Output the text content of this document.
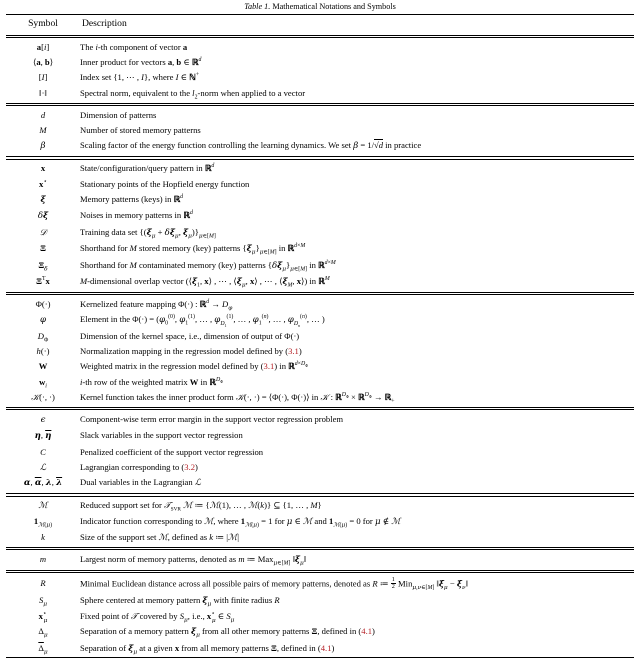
Table 1. Mathematical Notations and Symbols

Symbol	Description

a[i]	The i-th component of vector a
⟨a, b⟩	Inner product for vectors a, b ∈ ℝ$^d$
[I]	Index set {1, ⋯ , I}, where I ∈ ℕ+
‖·‖	Spectral norm, equivalent to the $l_2$-norm when applied to a vector

d	Dimension of patterns
M	Number of stored memory patterns
β	Scaling factor of the energy function controlling the learning dynamics. We set β = 1/√d in practice

x	State/configuration/query pattern in ℝ$^d$
x⋆	Stationary points of the Hopfield energy function
ξ	Memory patterns (keys) in ℝ$^d$
δξ	Noises in memory patterns in ℝ$^d$
𝒟	Training data set {($\xi_\mu + \delta\xi_\mu$, $\xi_\mu)\}_{\mu\in[M]}$
Ξ	Shorthand for M stored memory (key) patterns $\{\xi_\mu\}_{\mu\in[M]}$ in ℝ$^{d\times M}$
$\Xi_\delta$	Shorthand for M contaminated memory (key) patterns $\{\delta\xi_\mu\}_{\mu\in[M]}$ in ℝ$^{d\times M}$
$\Xi^Tx$	M-dimensional overlap vector ($⟨\xi_1$, x⟩ , ⋯ , $⟨\xi_\mu$, x⟩ , ⋯ , $⟨\xi_M$, x⟩) in ℝ$^M$

Φ(·)	Kernelized feature mapping Φ(·) : ℝ$^d$ → $D_\varphi$
φ	Element in the $\Phi(\cdot) = (\varphi_0^{(0)}$, $\varphi_1^{(1)}$, … , $\varphi_{D_1}^{(1)}$, … , $\varphi_1^{(n)}$, … , $\varphi_{D_n}^{(n)}$, … )
$D_\Phi$	Dimension of the kernel space, i.e., dimension of output of Φ(·)
h(·)	Normalization mapping in the regression model defined by (3.1)
W	Weighted matrix in the regression model defined by (3.1) in ℝ$^{d\times D_\Phi}$
$w_i$	i-th row of the weighted matrix W in ℝ$^{D_\Phi}$
𝒦(·, ·)	Kernel function takes the inner product form 𝒦(·, ·) = ⟨Φ(·), Φ(·)⟩ in 𝒦 : ℝ$^{D_\Phi}$ × ℝ$^{D_\Phi}$ → ℝ$_+$

ϵ	Component-wise term error margin in the support vector regression problem
η, $\overline{\eta}$	Slack variables in the support vector regression
C	Penalized coefficient of the support vector regression
ℒ	Lagrangian corresponding to (3.2)
α, $\overline{\alpha}$, λ, $\overline{\lambda}$	Dual variables in the Lagrangian ℒ

ℳ	Reduced support set for 𝒯$_{SVR}$ ℳ ≔ {ℳ(1), … , ℳ(k)} ⊆ {1, … , M}
$1_{ℳ(\mu)}$	Indicator function corresponding to ℳ, where $1_{ℳ(\mu)} = 1$ for μ ∈ ℳ and $1_{ℳ(\mu)} = 0$ for μ ∉ ℳ
k	Size of the support set ℳ, defined as k ≔ |ℳ|

m	Largest norm of memory patterns, denoted as m ≔ Max$_{\mu\in[M]}$ $‖\xi_\mu‖$

R	Minimal Euclidean distance across all possible pairs of memory patterns, denoted as R ≔ $\frac{1}{2} Min_{\mu,\nu\in[M]}$ $‖\xi_\mu$ − $\xi_\nu‖$
$S_\mu$	Sphere centered at memory pattern $\xi_\mu$ with finite radius R
$x^⋆_\mu$	Fixed point of 𝒯 covered by $S_\mu$, i.e., $x^⋆_\mu$ ∈ $S_\mu$
$\Delta_\mu$	Separation of a memory pattern $\xi_\mu$ from all other memory patterns Ξ, defined in (4.1)
$\overline{\Delta}_\mu$	Separation of $\xi_\mu$ at a given x from all memory patterns Ξ, defined in (4.1)
